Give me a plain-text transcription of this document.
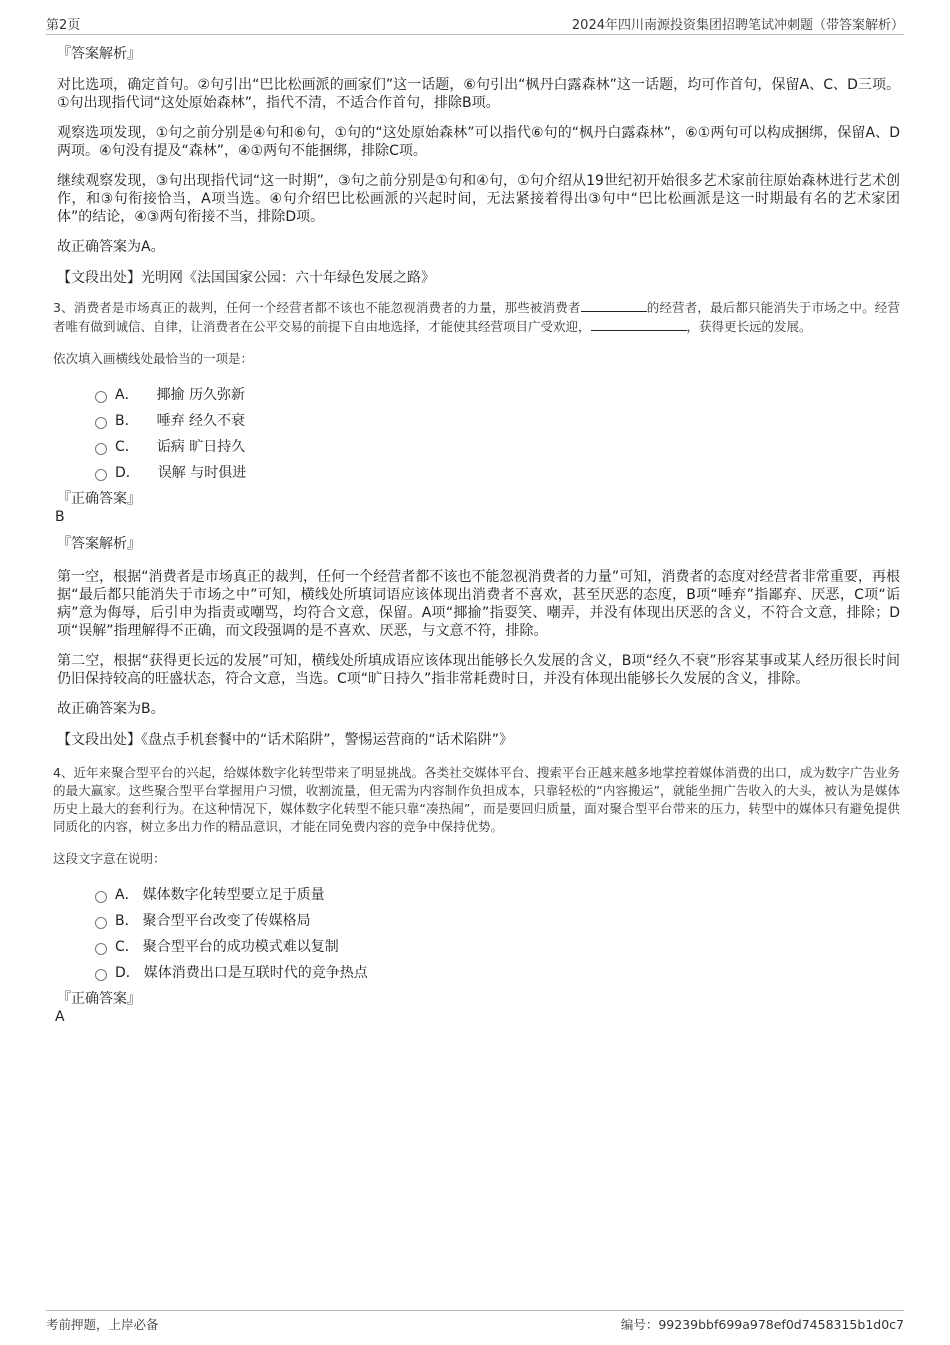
第2页	2024年四川南源投资集团招聘笔试冲刺题（带答案解析）
『答案解析』

对比选项，确定首句。②句引出“巴比松画派的画家们”这一话题，⑥句引出“枫丹白露森林”这一话题，均可作首句，保留A、C、D三项。①句出现指代词“这处原始森林”，指代不清，不适合作首句，排除B项。

观察选项发现，①句之前分别是④句和⑥句，①句的“这处原始森林”可以指代⑥句的“枫丹白露森林”，⑥①两句可以构成捆绑，保留A、D两项。④句没有提及“森林”，④①两句不能捆绑，排除C项。

继续观察发现，③句出现指代词“这一时期”，③句之前分别是①句和④句，①句介绍从19世纪初开始很多艺术家前往原始森林进行艺术创作，和③句衔接恰当，A项当选。④句介绍巴比松画派的兴起时间，无法紧接着得出③句中“巴比松画派是这一时期最有名的艺术家团体”的结论，④③两句衔接不当，排除D项。

故正确答案为A。

【文段出处】光明网《法国国家公园：六十年绿色发展之路》

3、消费者是市场真正的裁判，任何一个经营者都不该也不能忽视消费者的力量，那些被消费者	的经营者，最后都只能消失于市场之中。经营者唯有做到诚信、自律，让消费者在公平交易的前提下自由地选择，才能使其经营项目广受欢迎，	，获得更长远的发展。

依次填入画横线处最恰当的一项是：

A． 揶揄 历久弥新
B． 唾弃 经久不衰
C． 诟病 旷日持久
D． 误解 与时俱进
『正确答案』
B
『答案解析』

第一空，根据“消费者是市场真正的裁判，任何一个经营者都不该也不能忽视消费者的力量”可知，消费者的态度对经营者非常重要，再根据“最后都只能消失于市场之中”可知，横线处所填词语应该体现出消费者不喜欢，甚至厌恶的态度，B项“唾弃”指鄙弃、厌恶，C项“诟病”意为侮辱，后引申为指责或嘲骂，均符合文意，保留。A项“揶揄”指耍笑、嘲弄，并没有体现出厌恶的含义，不符合文意，排除；D项“误解”指理解得不正确，而文段强调的是不喜欢、厌恶，与文意不符，排除。

第二空，根据“获得更长远的发展”可知，横线处所填成语应该体现出能够长久发展的含义，B项“经久不衰”形容某事或某人经历很长时间仍旧保持较高的旺盛状态，符合文意，当选。C项“旷日持久”指非常耗费时日，并没有体现出能够长久发展的含义，排除。

故正确答案为B。

【文段出处】《盘点手机套餐中的“话术陷阱”，警惕运营商的“话术陷阱”》

4、近年来聚合型平台的兴起，给媒体数字化转型带来了明显挑战。各类社交媒体平台、搜索平台正越来越多地掌控着媒体消费的出口，成为数字广告业务的最大赢家。这些聚合型平台掌握用户习惯，收割流量，但无需为内容制作负担成本，只靠轻松的“内容搬运”，就能坐拥广告收入的大头，被认为是媒体历史上最大的套利行为。在这种情况下，媒体数字化转型不能只靠“凑热闹”，而是要回归质量，面对聚合型平台带来的压力，转型中的媒体只有避免提供同质化的内容，树立多出力作的精品意识，才能在同免费内容的竞争中保持优势。

这段文字意在说明：

A． 媒体数字化转型要立足于质量
B． 聚合型平台改变了传媒格局
C． 聚合型平台的成功模式难以复制
D． 媒体消费出口是互联时代的竞争热点
『正确答案』
A
考前押题，上岸必备	编号：99239bbf699a978ef0d7458315b1d0c7
